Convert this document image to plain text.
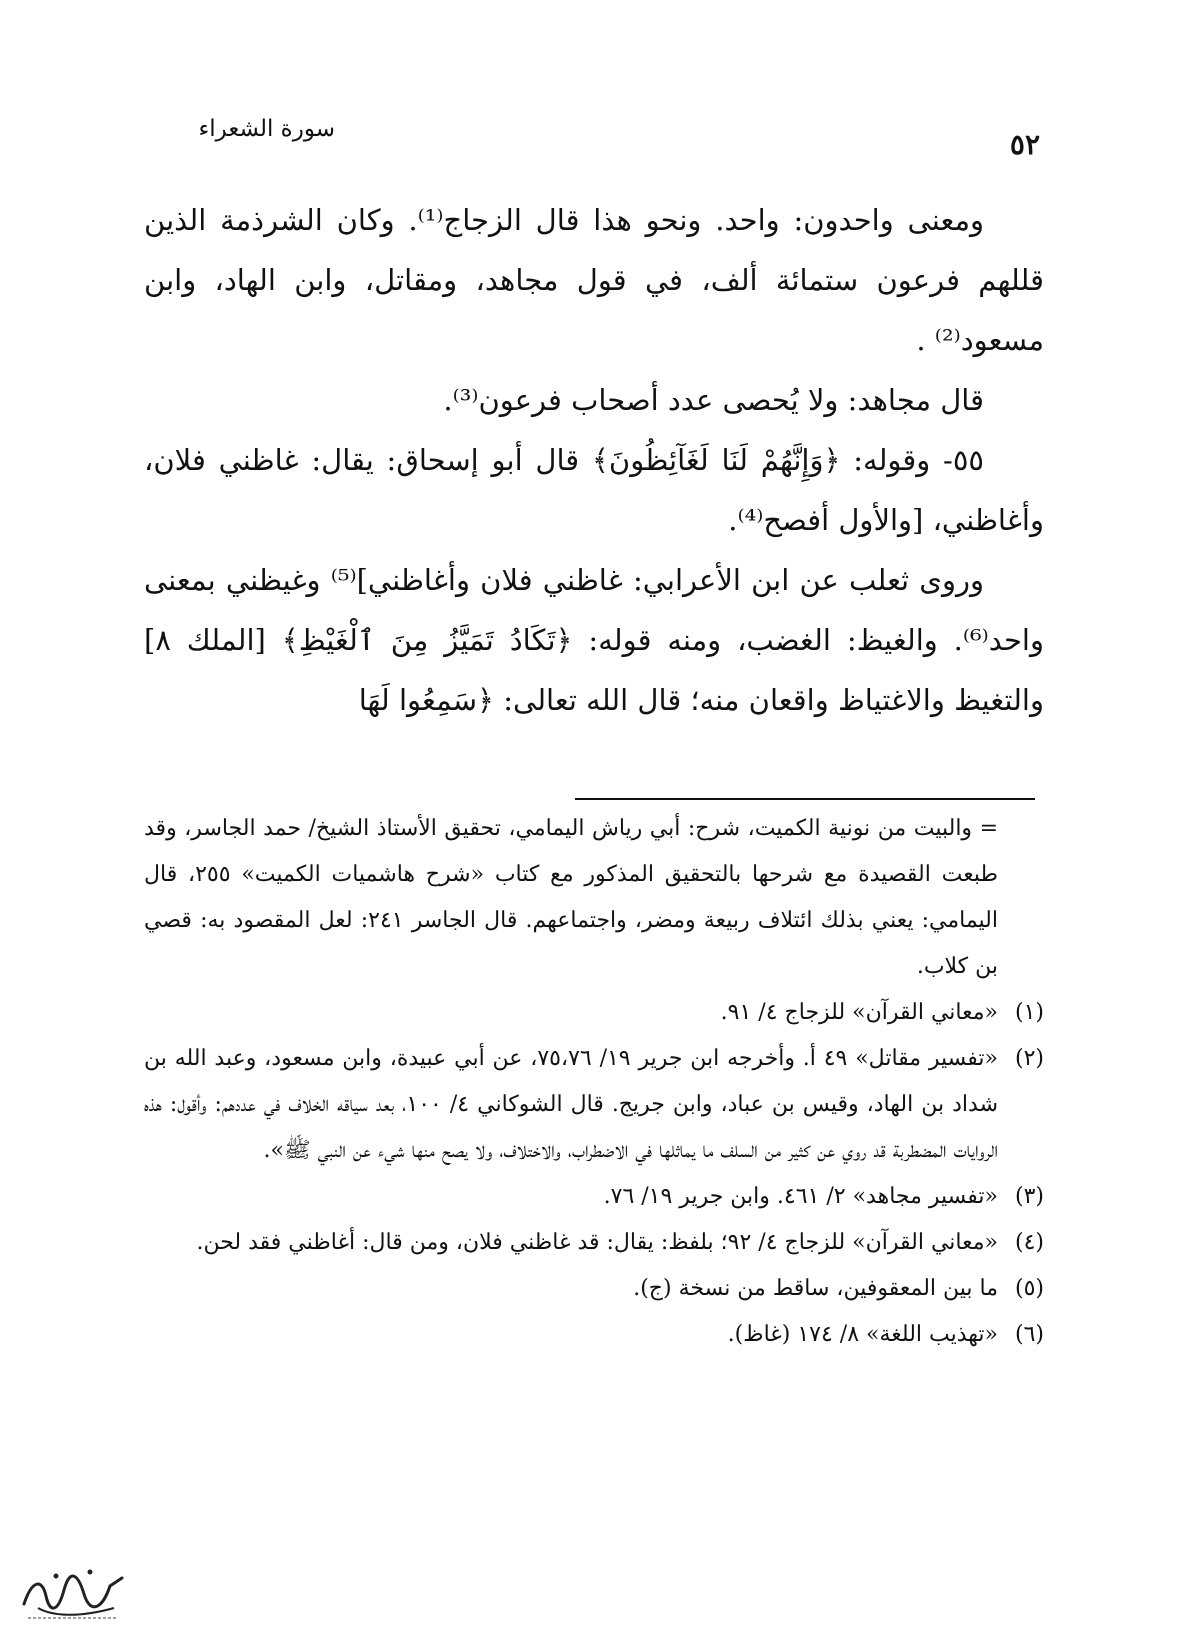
سورة الشعراء	٥٢

ومعنى واحدون: واحد. ونحو هذا قال الزجاج⁽¹⁾. وكان الشرذمة الذين قللهم فرعون ستمائة ألف، في قول مجاهد، ومقاتل، وابن الهاد، وابن مسعود⁽²⁾ .

قال مجاهد: ولا يُحصى عدد أصحاب فرعون⁽³⁾.

٥٥- وقوله: ﴿وَإِنَّهُمْ لَنَا لَغَآئِظُونَ﴾ قال أبو إسحاق: يقال: غاظني فلان، وأغاظني، [والأول أفصح⁽⁴⁾.

وروى ثعلب عن ابن الأعرابي: غاظني فلان وأغاظني]⁽⁵⁾ وغيظني بمعنى واحد⁽⁶⁾. والغيظ: الغضب، ومنه قوله: ﴿تَكَادُ تَمَيَّزُ مِنَ ٱلْغَيْظِ﴾ [الملك ٨] والتغيظ والاغتياظ واقعان منه؛ قال الله تعالى: ﴿سَمِعُوا لَهَا

= والبيت من نونية الكميت، شرح: أبي رياش اليمامي، تحقيق الأستاذ الشيخ/ حمد الجاسر، وقد طبعت القصيدة مع شرحها بالتحقيق المذكور مع كتاب «شرح هاشميات الكميت» ٢٥٥، قال اليمامي: يعني بذلك ائتلاف ربيعة ومضر، واجتماعهم. قال الجاسر ٢٤١: لعل المقصود به: قصي بن كلاب.
(١)
«معاني القرآن» للزجاج ٤/ ٩١.
(٢)
«تفسير مقاتل» ٤٩ أ. وأخرجه ابن جرير ١٩/ ٧٥،٧٦، عن أبي عبيدة، وابن مسعود، وعبد الله بن شداد بن الهاد، وقيس بن عباد، وابن جريج. قال الشوكاني ٤/ ١٠٠، بعد سياقه الخلاف في عددهم: وأقول: هذه الروايات المضطربة قد روي عن كثير من السلف ما يماثلها في الاضطراب، والاختلاف، ولا يصح منها شيء عن النبي ﷺ».
(٣)
«تفسير مجاهد» ٢/ ٤٦١. وابن جرير ١٩/ ٧٦.
(٤)
«معاني القرآن» للزجاج ٤/ ٩٢؛ بلفظ: يقال: قد غاظني فلان، ومن قال: أغاظني فقد لحن.
(٥)
ما بين المعقوفين، ساقط من نسخة (ج).
(٦)
«تهذيب اللغة» ٨/ ١٧٤ (غاظ).
